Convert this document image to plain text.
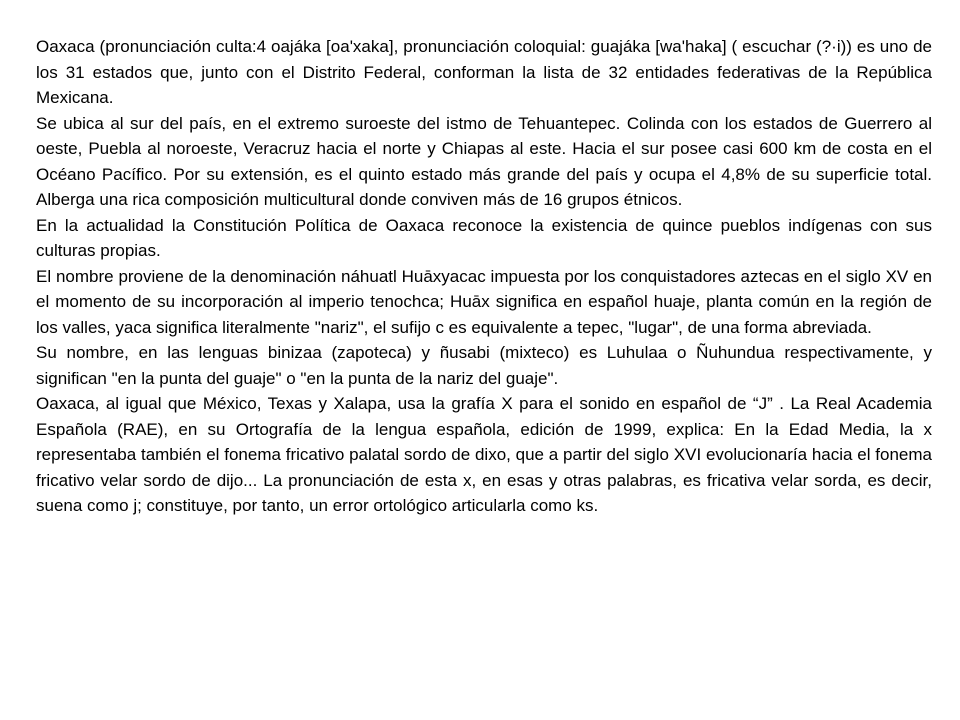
Oaxaca (pronunciación culta:4 oajáka [oa'xaka], pronunciación coloquial: guajáka [wa'haka] ( escuchar (?·i)) es uno de los 31 estados que, junto con el Distrito Federal, conforman la lista de 32 entidades federativas de la República Mexicana.

Se ubica al sur del país, en el extremo suroeste del istmo de Tehuantepec. Colinda con los estados de Guerrero al oeste, Puebla al noroeste, Veracruz hacia el norte y Chiapas al este. Hacia el sur posee casi 600 km de costa en el Océano Pacífico. Por su extensión, es el quinto estado más grande del país y ocupa el 4,8% de su superficie total. Alberga una rica composición multicultural donde conviven más de 16 grupos étnicos.

En la actualidad la Constitución Política de Oaxaca reconoce la existencia de quince pueblos indígenas con sus culturas propias.

El nombre proviene de la denominación náhuatl Huāxyacac impuesta por los conquistadores aztecas en el siglo XV en el momento de su incorporación al imperio tenochca; Huāx significa en español huaje, planta común en la región de los valles, yaca significa literalmente "nariz", el sufijo c es equivalente a tepec, "lugar", de una forma abreviada.

Su nombre, en las lenguas binizaa (zapoteca) y ñusabi (mixteco) es Luhulaa o Ñuhundua respectivamente, y significan "en la punta del guaje" o "en la punta de la nariz del guaje".

Oaxaca, al igual que México, Texas y Xalapa, usa la grafía X para el sonido en español de “J” . La Real Academia Española (RAE), en su Ortografía de la lengua española, edición de 1999, explica: En la Edad Media, la x representaba también el fonema fricativo palatal sordo de dixo, que a partir del siglo XVI evolucionaría hacia el fonema fricativo velar sordo de dijo... La pronunciación de esta x, en esas y otras palabras, es fricativa velar sorda, es decir, suena como j; constituye, por tanto, un error ortológico articularla como ks.
